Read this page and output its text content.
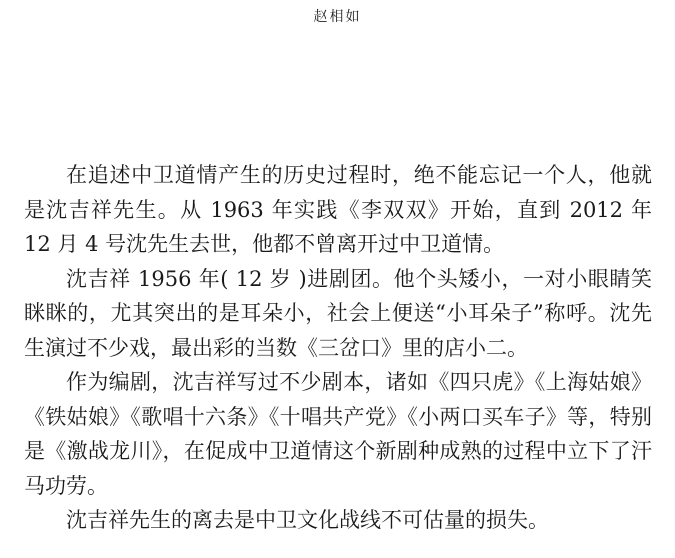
赵相如

在追述中卫道情产生的历史过程时，绝不能忘记一个人，他就是沈吉祥先生。从 1963 年实践《李双双》开始，直到 2012 年 12 月 4 号沈先生去世，他都不曾离开过中卫道情。

沈吉祥 1956 年( 12 岁 )进剧团。他个头矮小，一对小眼睛笑眯眯的，尤其突出的是耳朵小，社会上便送“小耳朵子”称呼。沈先生演过不少戏，最出彩的当数《三岔口》里的店小二。

作为编剧，沈吉祥写过不少剧本，诸如《四只虎》《上海姑娘》《铁姑娘》《歌唱十六条》《十唱共产党》《小两口买车子》等，特别是《激战龙川》，在促成中卫道情这个新剧种成熟的过程中立下了汗马功劳。

沈吉祥先生的离去是中卫文化战线不可估量的损失。
